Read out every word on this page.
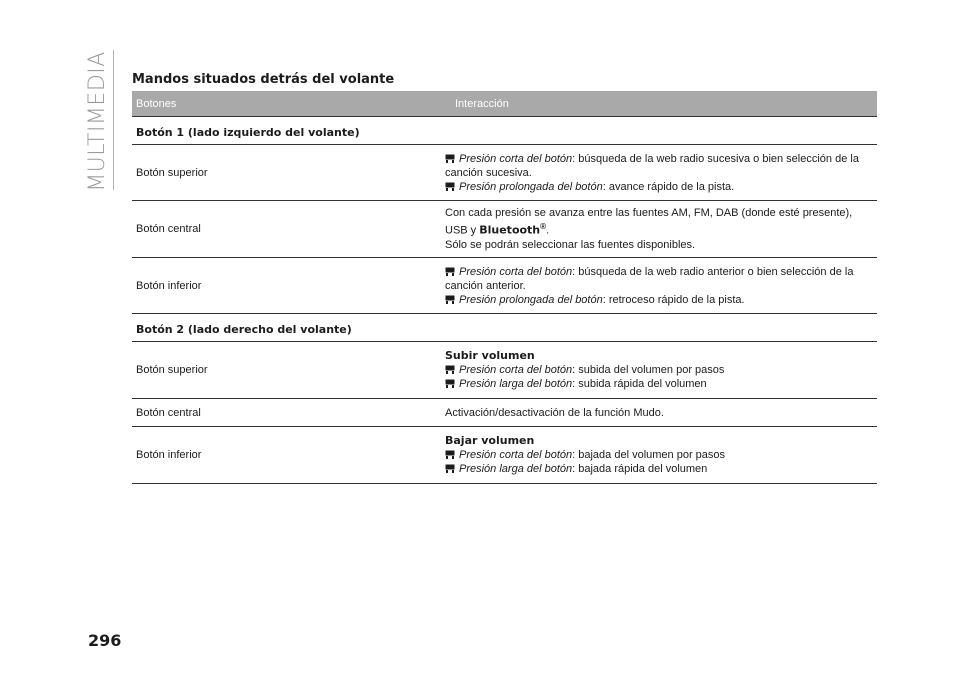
MULTIMEDIA Mandos situados detrás del volante
Botones	Interacción
Botón 1 (lado izquierdo del volante)
Botón superior
Presión corta del botón: búsqueda de la web radio sucesiva o bien selección de la canción sucesiva.
Presión prolongada del botón: avance rápido de la pista.
Botón central
Con cada presión se avanza entre las fuentes AM, FM, DAB (donde esté presente), USB y Bluetooth®.
Sólo se podrán seleccionar las fuentes disponibles.
Botón inferior
Presión corta del botón: búsqueda de la web radio anterior o bien selección de la canción anterior.
Presión prolongada del botón: retroceso rápido de la pista.
Botón 2 (lado derecho del volante)
Botón superior
Subir volumen
Presión corta del botón: subida del volumen por pasos
Presión larga del botón: subida rápida del volumen
Botón central	Activación/desactivación de la función Mudo.
Botón inferior
Bajar volumen
Presión corta del botón: bajada del volumen por pasos
Presión larga del botón: bajada rápida del volumen
296
